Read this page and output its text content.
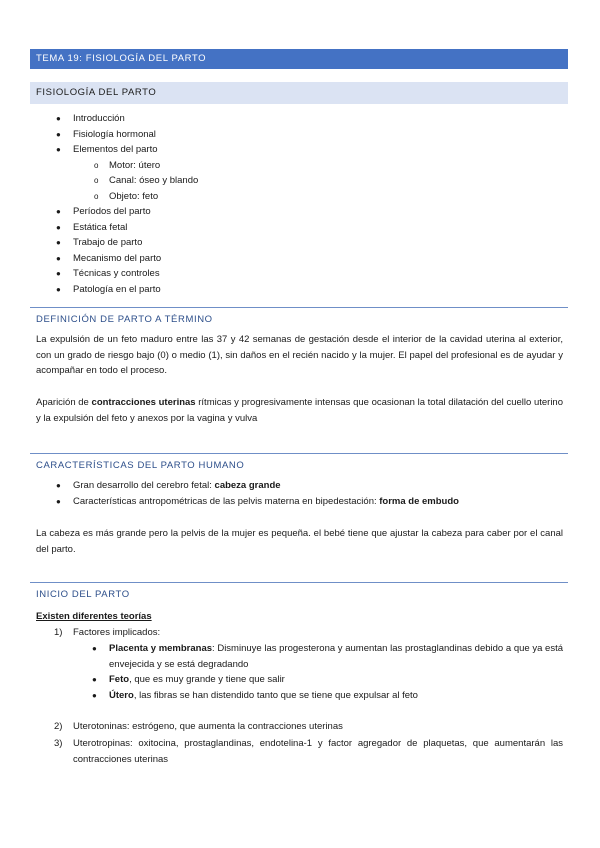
TEMA 19: FISIOLOGÍA DEL PARTO
FISIOLOGÍA DEL PARTO
● Introducción
● Fisiología hormonal
● Elementos del parto
o Motor: útero
o Canal: óseo y blando
o Objeto: feto
● Períodos del parto
● Estática fetal
● Trabajo de parto
● Mecanismo del parto
● Técnicas y controles
● Patología en el parto
DEFINICIÓN DE PARTO A TÉRMINO

La expulsión de un feto maduro entre las 37 y 42 semanas de gestación desde el interior de la cavidad uterina al exterior, con un grado de riesgo bajo (0) o medio (1), sin daños en el recién nacido y la mujer. El papel del profesional es de ayudar y acompañar en todo el proceso.

Aparición de contracciones uterinas rítmicas y progresivamente intensas que ocasionan la total dilatación del cuello uterino y la expulsión del feto y anexos por la vagina y vulva

CARACTERÍSTICAS DEL PARTO HUMANO
● Gran desarrollo del cerebro fetal: cabeza grande
● Características antropométricas de las pelvis materna en bipedestación: forma de embudo

La cabeza es más grande pero la pelvis de la mujer es pequeña. el bebé tiene que ajustar la cabeza para caber por el canal del parto.

INICIO DEL PARTO

Existen diferentes teorías

1) Factores implicados:

● Placenta y membranas: Disminuye las progesterona y aumentan las prostaglandinas debido a que ya está envejecida y se está degradando
● Feto, que es muy grande y tiene que salir
● Útero, las fibras se han distendido tanto que se tiene que expulsar al feto

2) Uterotoninas: estrógeno, que aumenta la contracciones uterinas

3) Uterotropinas: oxitocina, prostaglandinas, endotelina-1 y factor agregador de plaquetas, que aumentarán las contracciones uterinas
